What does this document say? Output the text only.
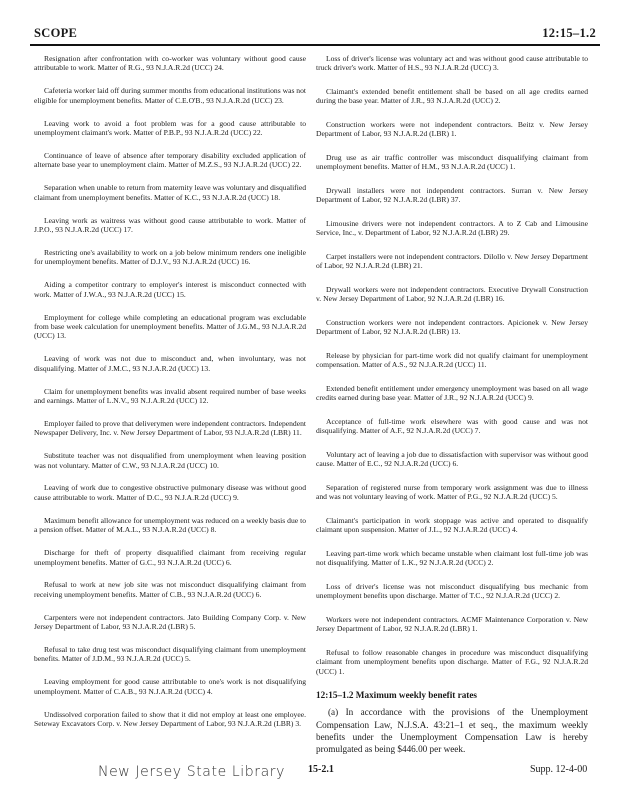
SCOPE	12:15–1.2

Resignation after confrontation with co-worker was voluntary without good cause attributable to work. Matter of R.G., 93 N.J.A.R.2d (UCC) 24.

Cafeteria worker laid off during summer months from educational institutions was not eligible for unemployment benefits. Matter of C.E.O'B., 93 N.J.A.R.2d (UCC) 23.

Leaving work to avoid a foot problem was for a good cause attributable to unemployment claimant's work. Matter of P.B.P., 93 N.J.A.R.2d (UCC) 22.

Continuance of leave of absence after temporary disability excluded application of alternate base year to unemployment claim. Matter of M.Z.S., 93 N.J.A.R.2d (UCC) 22.

Separation when unable to return from maternity leave was voluntary and disqualified claimant from unemployment benefits. Matter of K.C., 93 N.J.A.R.2d (UCC) 18.

Leaving work as waitress was without good cause attributable to work. Matter of J.P.O., 93 N.J.A.R.2d (UCC) 17.

Restricting one's availability to work on a job below minimum renders one ineligible for unemployment benefits. Matter of D.J.V., 93 N.J.A.R.2d (UCC) 16.

Aiding a competitor contrary to employer's interest is misconduct connected with work. Matter of J.W.A., 93 N.J.A.R.2d (UCC) 15.

Employment for college while completing an educational program was excludable from base week calculation for unemployment benefits. Matter of J.G.M., 93 N.J.A.R.2d (UCC) 13.

Leaving of work was not due to misconduct and, when involuntary, was not disqualifying. Matter of J.M.C., 93 N.J.A.R.2d (UCC) 13.

Claim for unemployment benefits was invalid absent required number of base weeks and earnings. Matter of L.N.V., 93 N.J.A.R.2d (UCC) 12.

Employer failed to prove that deliverymen were independent contractors. Independent Newspaper Delivery, Inc. v. New Jersey Department of Labor, 93 N.J.A.R.2d (LBR) 11.

Substitute teacher was not disqualified from unemployment when leaving position was not voluntary. Matter of C.W., 93 N.J.A.R.2d (UCC) 10.

Leaving of work due to congestive obstructive pulmonary disease was without good cause attributable to work. Matter of D.C., 93 N.J.A.R.2d (UCC) 9.

Maximum benefit allowance for unemployment was reduced on a weekly basis due to a pension offset. Matter of M.A.L., 93 N.J.A.R.2d (UCC) 8.

Discharge for theft of property disqualified claimant from receiving regular unemployment benefits. Matter of G.C., 93 N.J.A.R.2d (UCC) 6.

Refusal to work at new job site was not misconduct disqualifying claimant from receiving unemployment benefits. Matter of C.B., 93 N.J.A.R.2d (UCC) 6.

Carpenters were not independent contractors. Jato Building Company Corp. v. New Jersey Department of Labor, 93 N.J.A.R.2d (LBR) 5.

Refusal to take drug test was misconduct disqualifying claimant from unemployment benefits. Matter of J.D.M., 93 N.J.A.R.2d (UCC) 5.

Leaving employment for good cause attributable to one's work is not disqualifying unemployment. Matter of C.A.B., 93 N.J.A.R.2d (UCC) 4.

Undissolved corporation failed to show that it did not employ at least one employee. Seteway Excavators Corp. v. New Jersey Department of Labor, 93 N.J.A.R.2d (LBR) 3.

Loss of driver's license was voluntary act and was without good cause attributable to truck driver's work. Matter of H.S., 93 N.J.A.R.2d (UCC) 3.

Claimant's extended benefit entitlement shall be based on all age credits earned during the base year. Matter of J.R., 93 N.J.A.R.2d (UCC) 2.

Construction workers were not independent contractors. Beitz v. New Jersey Department of Labor, 93 N.J.A.R.2d (LBR) 1.

Drug use as air traffic controller was misconduct disqualifying claimant from unemployment benefits. Matter of H.M., 93 N.J.A.R.2d (UCC) 1.

Drywall installers were not independent contractors. Surran v. New Jersey Department of Labor, 92 N.J.A.R.2d (LBR) 37.

Limousine drivers were not independent contractors. A to Z Cab and Limousine Service, Inc., v. Department of Labor, 92 N.J.A.R.2d (LBR) 29.

Carpet installers were not independent contractors. Dilollo v. New Jersey Department of Labor, 92 N.J.A.R.2d (LBR) 21.

Drywall workers were not independent contractors. Executive Drywall Construction v. New Jersey Department of Labor, 92 N.J.A.R.2d (LBR) 16.

Construction workers were not independent contractors. Apicionek v. New Jersey Department of Labor, 92 N.J.A.R.2d (LBR) 13.

Release by physician for part-time work did not qualify claimant for unemployment compensation. Matter of A.S., 92 N.J.A.R.2d (UCC) 11.

Extended benefit entitlement under emergency unemployment was based on all wage credits earned during base year. Matter of J.R., 92 N.J.A.R.2d (UCC) 9.

Acceptance of full-time work elsewhere was with good cause and was not disqualifying. Matter of A.F., 92 N.J.A.R.2d (UCC) 7.

Voluntary act of leaving a job due to dissatisfaction with supervisor was without good cause. Matter of E.C., 92 N.J.A.R.2d (UCC) 6.

Separation of registered nurse from temporary work assignment was due to illness and was not voluntary leaving of work. Matter of P.G., 92 N.J.A.R.2d (UCC) 5.

Claimant's participation in work stoppage was active and operated to disqualify claimant upon suspension. Matter of J.L., 92 N.J.A.R.2d (UCC) 4.

Leaving part-time work which became unstable when claimant lost full-time job was not disqualifying. Matter of L.K., 92 N.J.A.R.2d (UCC) 2.

Loss of driver's license was not misconduct disqualifying bus mechanic from unemployment benefits upon discharge. Matter of T.C., 92 N.J.A.R.2d (UCC) 2.

Workers were not independent contractors. ACMF Maintenance Corporation v. New Jersey Department of Labor, 92 N.J.A.R.2d (LBR) 1.

Refusal to follow reasonable changes in procedure was misconduct disqualifying claimant from unemployment benefits upon discharge. Matter of F.G., 92 N.J.A.R.2d (UCC) 1.

12:15–1.2 Maximum weekly benefit rates

(a) In accordance with the provisions of the Unemployment Compensation Law, N.J.S.A. 43:21–1 et seq., the maximum weekly benefits under the Unemployment Compensation Law is hereby promulgated as being $446.00 per week.

New Jersey State Library 15-2.1	Supp. 12-4-00
